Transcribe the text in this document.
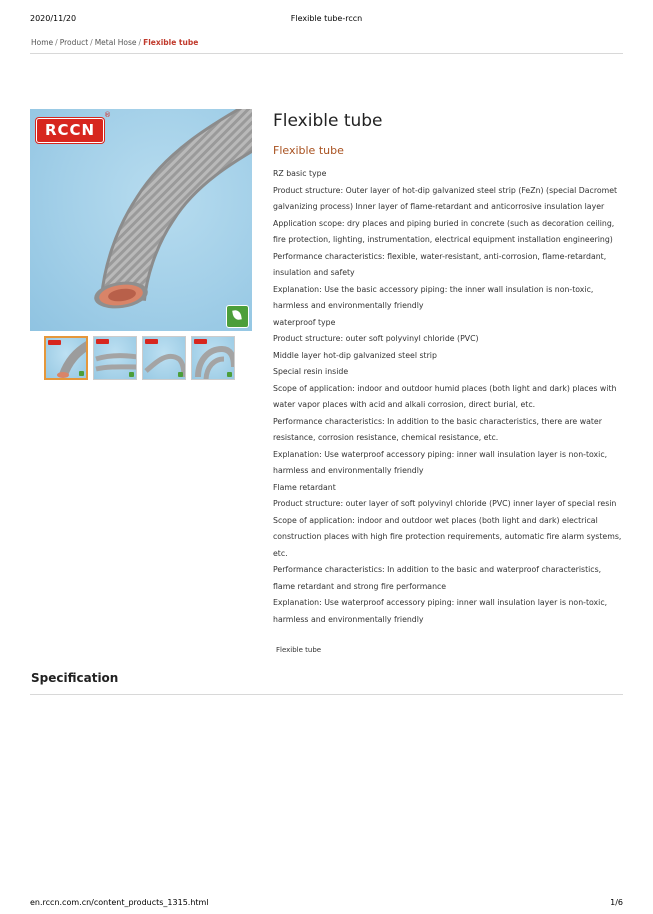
2020/11/20	Flexible tube-rccn
Home / Product / Metal Hose / Flexible tube
RCCN
®	Flexible tube
Flexible tube

RZ basic type

Product structure: Outer layer of hot-dip galvanized steel strip (FeZn) (special Dacromet galvanizing process) Inner layer of flame-retardant and anticorrosive insulation layer

Application scope: dry places and piping buried in concrete (such as decoration ceiling, fire protection, lighting, instrumentation, electrical equipment installation engineering)

Performance characteristics: flexible, water-resistant, anti-corrosion, flame-retardant, insulation and safety

Explanation: Use the basic accessory piping: the inner wall insulation is non-toxic, harmless and environmentally friendly

waterproof type

Product structure: outer soft polyvinyl chloride (PVC)

Middle layer hot-dip galvanized steel strip

Special resin inside

Scope of application: indoor and outdoor humid places (both light and dark) places with water vapor places with acid and alkali corrosion, direct burial, etc.

Performance characteristics: In addition to the basic characteristics, there are water resistance, corrosion resistance, chemical resistance, etc.

Explanation: Use waterproof accessory piping: inner wall insulation layer is non-toxic, harmless and environmentally friendly

Flame retardant

Product structure: outer layer of soft polyvinyl chloride (PVC) inner layer of special resin

Scope of application: indoor and outdoor wet places (both light and dark) electrical construction places with high fire protection requirements, automatic fire alarm systems, etc.

Performance characteristics: In addition to the basic and waterproof characteristics, flame retardant and strong fire performance

Explanation: Use waterproof accessory piping: inner wall insulation layer is non-toxic, harmless and environmentally friendly

Flexible tube
Specification
en.rccn.com.cn/content_products_1315.html	1/6
